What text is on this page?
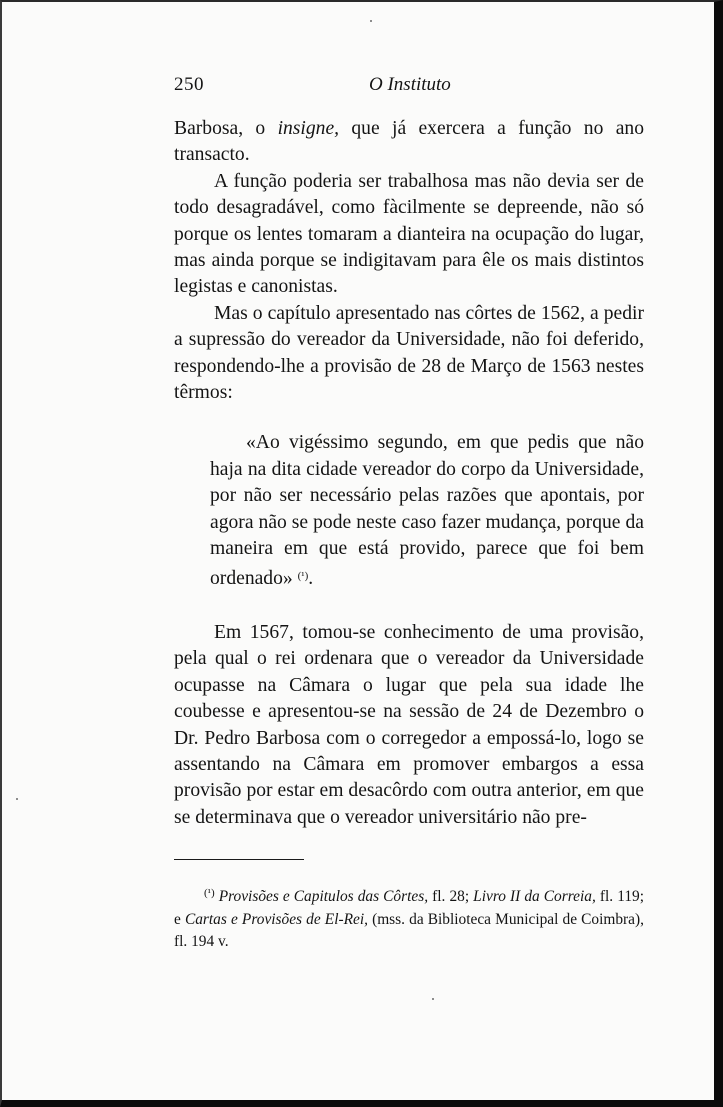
250	O Instituto

Barbosa, o insigne, que já exercera a função no ano transacto.

A função poderia ser trabalhosa mas não devia ser de todo desagradável, como fàcilmente se depreende, não só porque os lentes tomaram a dianteira na ocupação do lugar, mas ainda porque se indigitavam para êle os mais distintos legistas e canonistas.

Mas o capítulo apresentado nas côrtes de 1562, a pedir a supressão do vereador da Universidade, não foi deferido, respondendo-lhe a provisão de 28 de Março de 1563 nestes têrmos:

«Ao vigéssimo segundo, em que pedis que não haja na dita cidade vereador do corpo da Universidade, por não ser necessário pelas razões que apontais, por agora não se pode neste caso fazer mudança, porque da maneira em que está provido, parece que foi bem ordenado» $^{(^1)}$.

Em 1567, tomou-se conhecimento de uma provisão, pela qual o rei ordenara que o vereador da Universidade ocupasse na Câmara o lugar que pela sua idade lhe coubesse e apresentou-se na sessão de 24 de Dezembro o Dr. Pedro Barbosa com o corregedor a empossá-lo, logo se assentando na Câmara em promover embargos a essa provisão por estar em desacôrdo com outra anterior, em que se determinava que o vereador universitário não pre-

$^{(^1)}$ Provisões e Capitulos das Côrtes, fl. 28; Livro II da Correia, fl. 119; e Cartas e Provisões de El-Rei, (mss. da Biblioteca Municipal de Coimbra), fl. 194 v.
